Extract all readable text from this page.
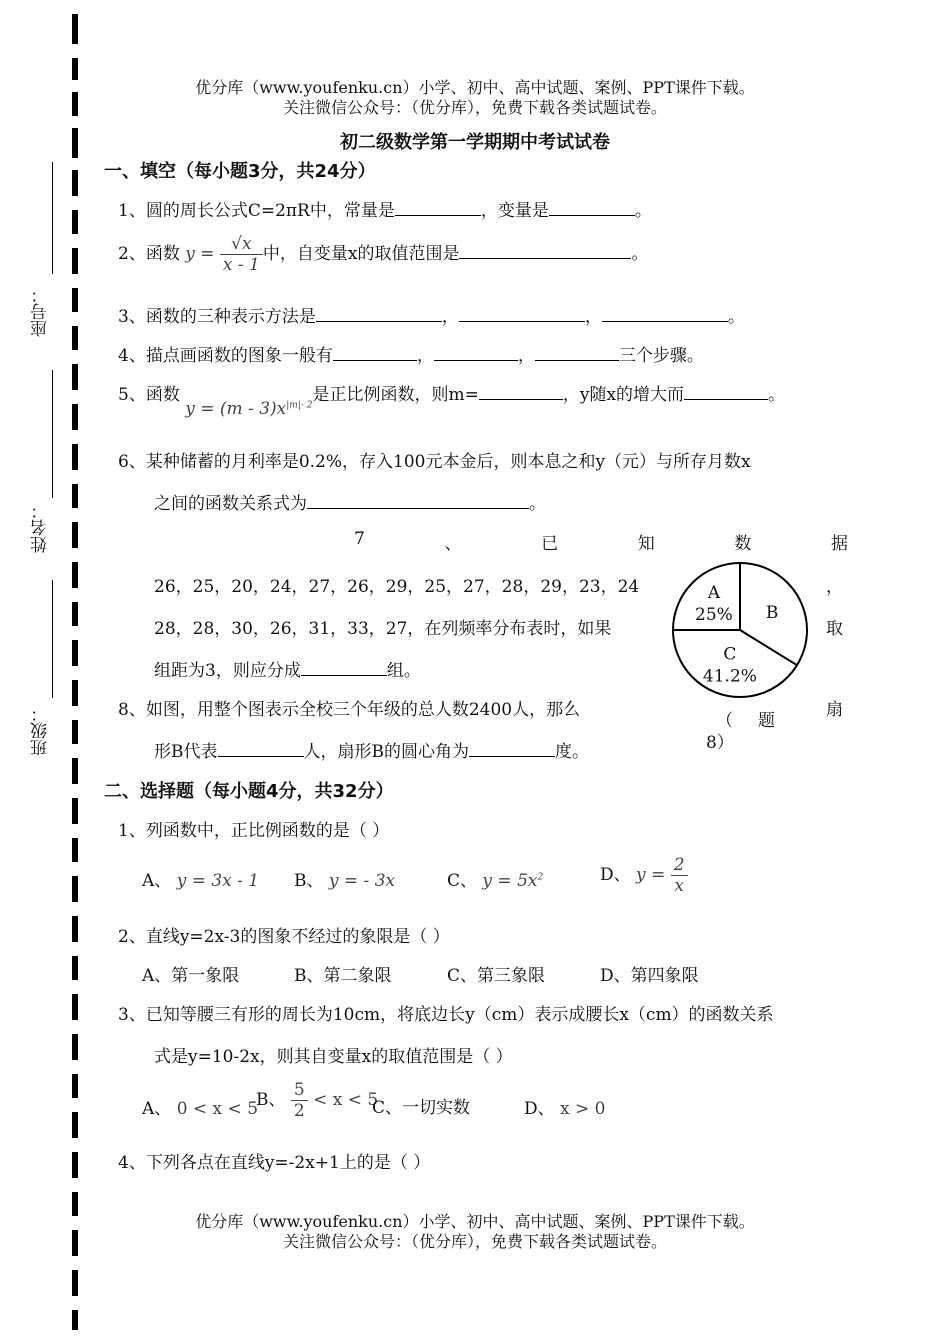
座号：
姓名：
班级：
优分库（www.youfenku.cn）小学、初中、高中试题、案例、PPT课件下载。
关注微信公众号：（优分库），免费下载各类试题试卷。
初二级数学第一学期期中考试试卷
一、填空（每小题3分，共24分）
1、圆的周长公式C=2πR中，常量是	，变量是	。
2、函数 $y = \frac{√x}{x - 1}$ 中，自变量x的取值范围是	。
3、函数的三种表示方法是	，	，	。
4、描点画函数的图象一般有	，	，	三个步骤。
5、函数 $y = (m - 3)x^{|m|- 2}$是正比例函数，则m=	，y随x的增大而	。
6、某种储蓄的月利率是0.2%，存入100元本金后，则本息之和y（元）与所存月数x
之间的函数关系式为	。
7	、	已	知	数	据
26，25，20，24，27，26，29，25，27，28，29，23，24	，
28，28，30，26，31，33，27，在列频率分布表时，如果	取
组距为3，则应分成	组。
8、如图，用整个图表示全校三个年级的总人数2400人，那么	扇
形B代表	人，扇形B的圆心角为	度。
（ 题
8）
A
25% B
C
41.2%
二、选择题（每小题4分，共32分）
1、列函数中，正比例函数的是（ ）
A、 y = 3x - 1 B、 y = - 3x	C、 $y = 5x^2$	D、 $y = \frac{2}{x}$
2、直线y=2x-3的图象不经过的象限是（ ）
A、第一象限	B、第二象限	C、第三象限	D、第四象限
3、已知等腰三有形的周长为10cm，将底边长y（cm）表示成腰长x（cm）的函数关系
式是y=10-2x，则其自变量x的取值范围是（ ）
A、 0 < x < 5
B、 $\frac{5}{2} < x < 5$
C、一切实数	D、 x > 0
4、下列各点在直线y=-2x+1上的是（ ）
优分库（www.youfenku.cn）小学、初中、高中试题、案例、PPT课件下载。
关注微信公众号：（优分库），免费下载各类试题试卷。
